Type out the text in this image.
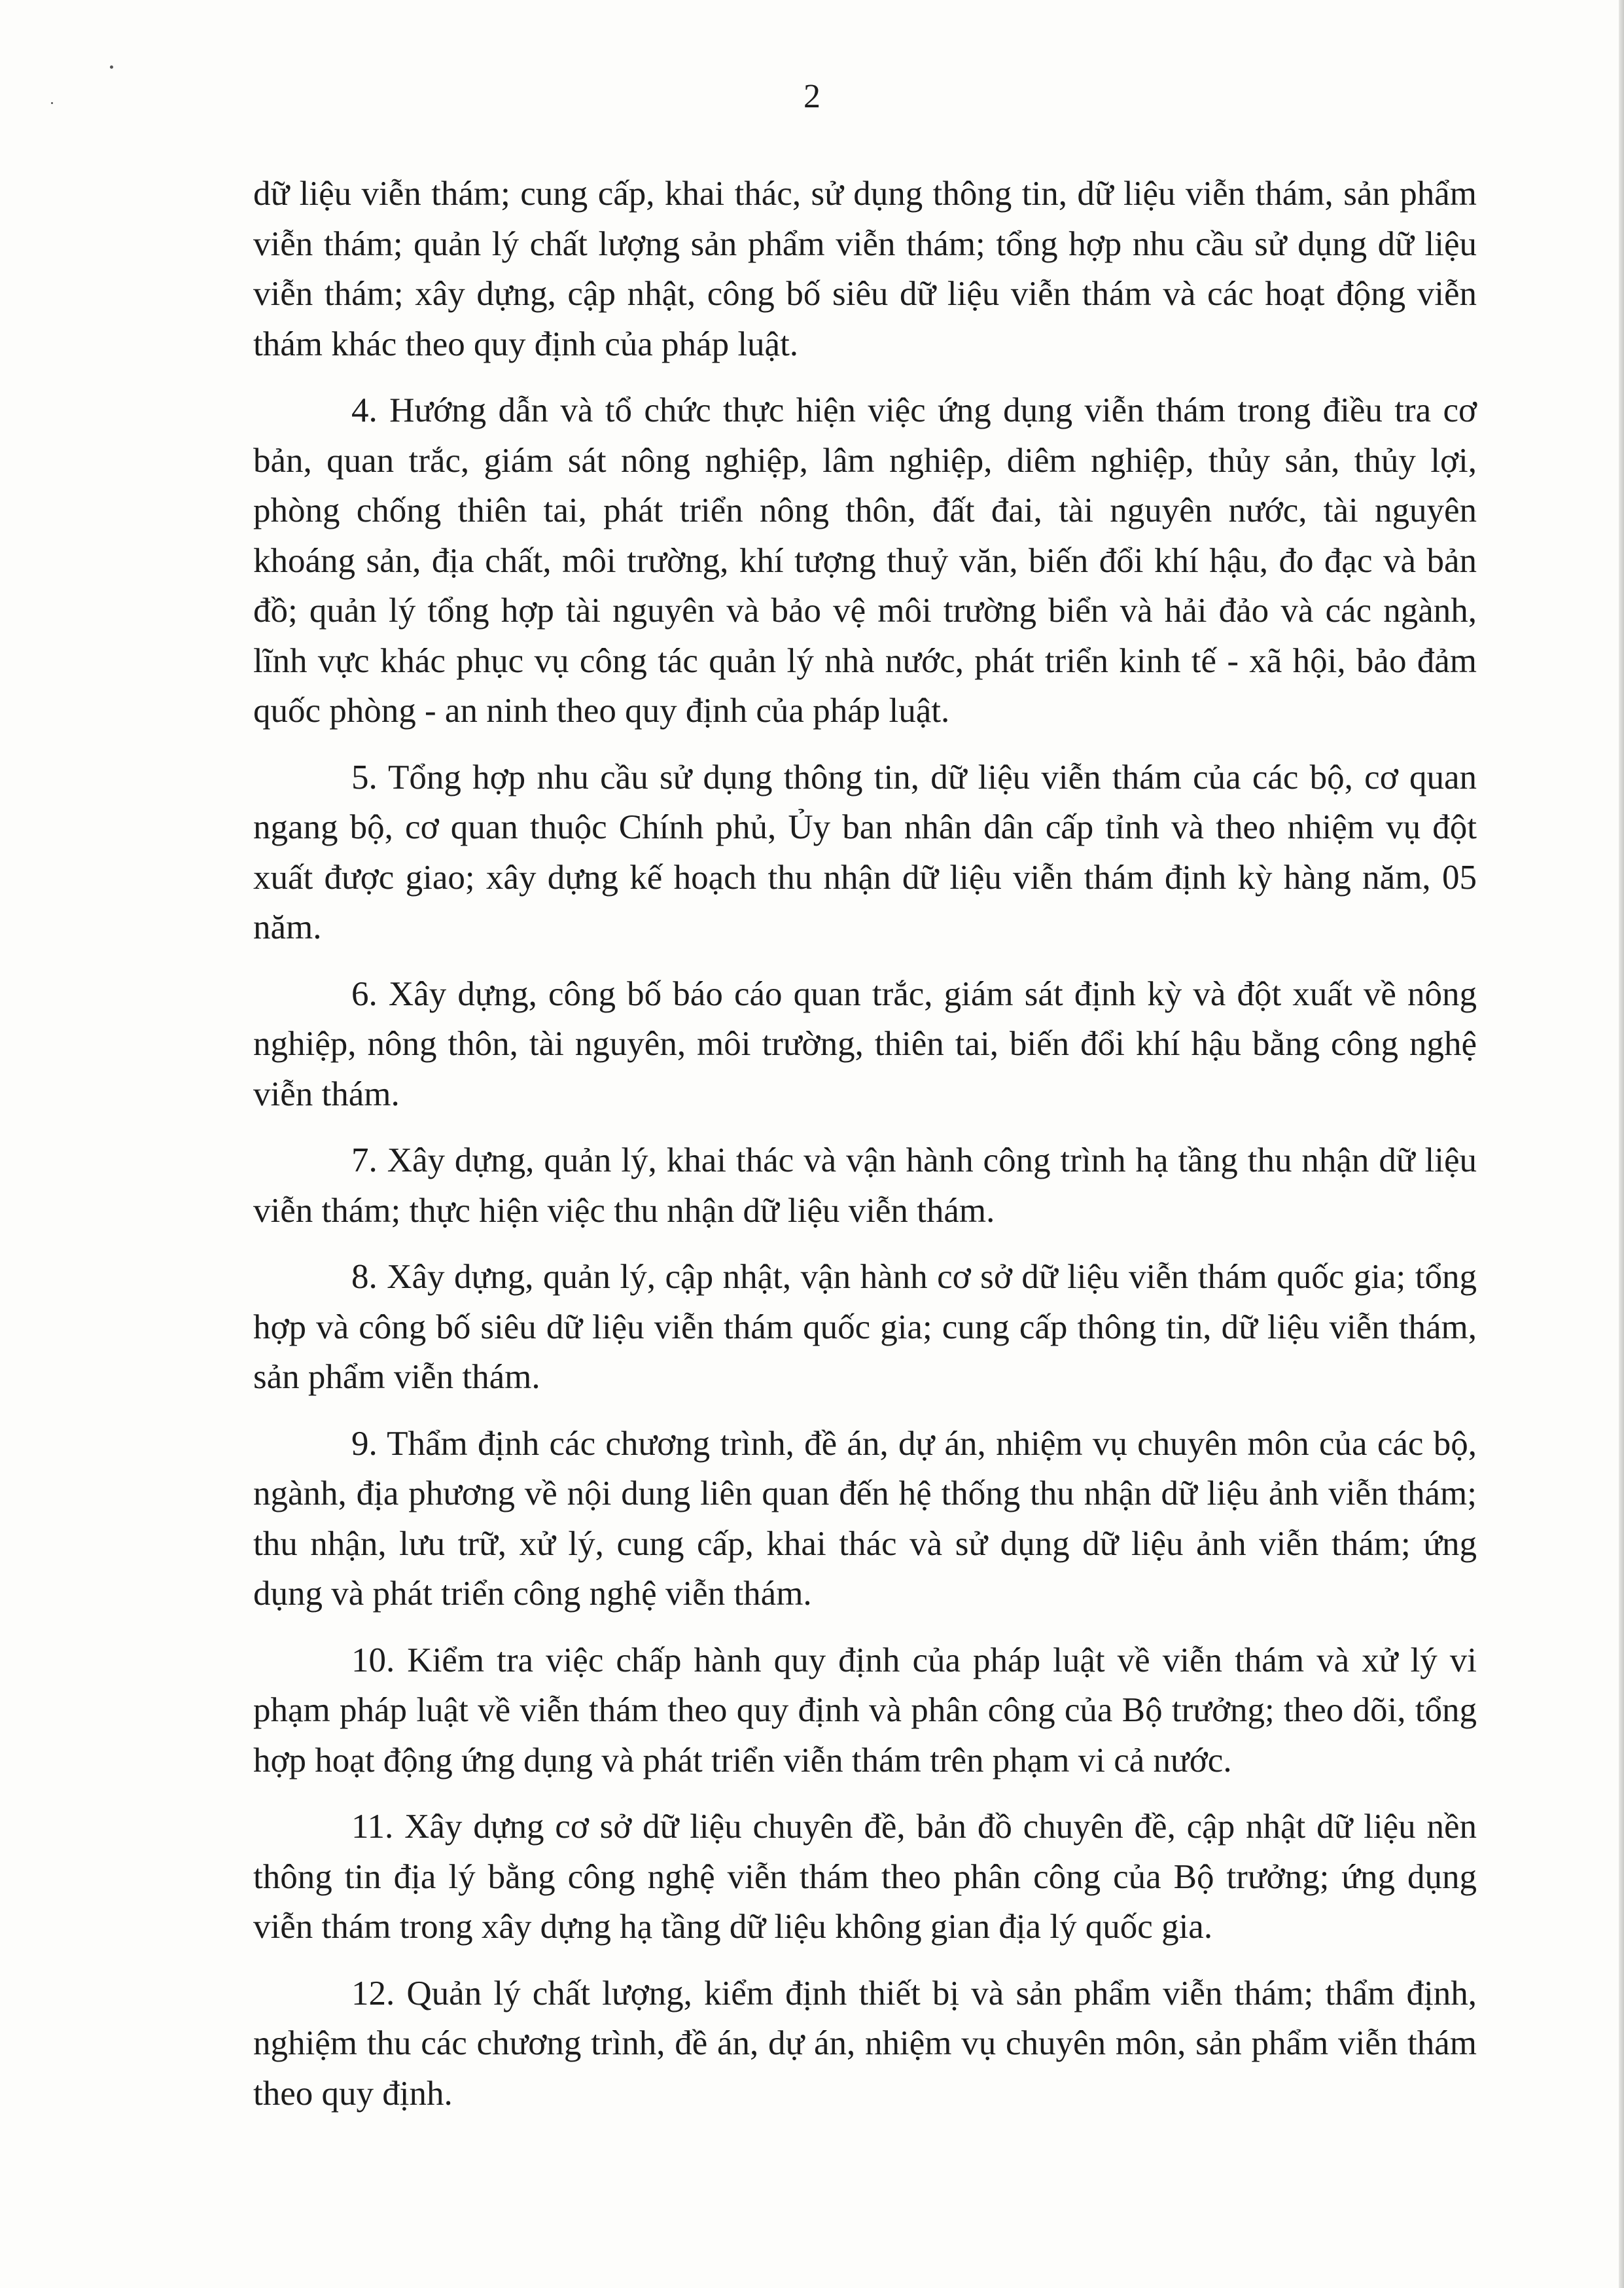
2

dữ liệu viễn thám; cung cấp, khai thác, sử dụng thông tin, dữ liệu viễn thám, sản phẩm viễn thám; quản lý chất lượng sản phẩm viễn thám; tổng hợp nhu cầu sử dụng dữ liệu viễn thám; xây dựng, cập nhật, công bố siêu dữ liệu viễn thám và các hoạt động viễn thám khác theo quy định của pháp luật.

4. Hướng dẫn và tổ chức thực hiện việc ứng dụng viễn thám trong điều tra cơ bản, quan trắc, giám sát nông nghiệp, lâm nghiệp, diêm nghiệp, thủy sản, thủy lợi, phòng chống thiên tai, phát triển nông thôn, đất đai, tài nguyên nước, tài nguyên khoáng sản, địa chất, môi trường, khí tượng thuỷ văn, biến đổi khí hậu, đo đạc và bản đồ; quản lý tổng hợp tài nguyên và bảo vệ môi trường biển và hải đảo và các ngành, lĩnh vực khác phục vụ công tác quản lý nhà nước, phát triển kinh tế - xã hội, bảo đảm quốc phòng - an ninh theo quy định của pháp luật.

5. Tổng hợp nhu cầu sử dụng thông tin, dữ liệu viễn thám của các bộ, cơ quan ngang bộ, cơ quan thuộc Chính phủ, Ủy ban nhân dân cấp tỉnh và theo nhiệm vụ đột xuất được giao; xây dựng kế hoạch thu nhận dữ liệu viễn thám định kỳ hàng năm, 05 năm.

6. Xây dựng, công bố báo cáo quan trắc, giám sát định kỳ và đột xuất về nông nghiệp, nông thôn, tài nguyên, môi trường, thiên tai, biến đổi khí hậu bằng công nghệ viễn thám.

7. Xây dựng, quản lý, khai thác và vận hành công trình hạ tầng thu nhận dữ liệu viễn thám; thực hiện việc thu nhận dữ liệu viễn thám.

8. Xây dựng, quản lý, cập nhật, vận hành cơ sở dữ liệu viễn thám quốc gia; tổng hợp và công bố siêu dữ liệu viễn thám quốc gia; cung cấp thông tin, dữ liệu viễn thám, sản phẩm viễn thám.

9. Thẩm định các chương trình, đề án, dự án, nhiệm vụ chuyên môn của các bộ, ngành, địa phương về nội dung liên quan đến hệ thống thu nhận dữ liệu ảnh viễn thám; thu nhận, lưu trữ, xử lý, cung cấp, khai thác và sử dụng dữ liệu ảnh viễn thám; ứng dụng và phát triển công nghệ viễn thám.

10. Kiểm tra việc chấp hành quy định của pháp luật về viễn thám và xử lý vi phạm pháp luật về viễn thám theo quy định và phân công của Bộ trưởng; theo dõi, tổng hợp hoạt động ứng dụng và phát triển viễn thám trên phạm vi cả nước.

11. Xây dựng cơ sở dữ liệu chuyên đề, bản đồ chuyên đề, cập nhật dữ liệu nền thông tin địa lý bằng công nghệ viễn thám theo phân công của Bộ trưởng; ứng dụng viễn thám trong xây dựng hạ tầng dữ liệu không gian địa lý quốc gia.

12. Quản lý chất lượng, kiểm định thiết bị và sản phẩm viễn thám; thẩm định, nghiệm thu các chương trình, đề án, dự án, nhiệm vụ chuyên môn, sản phẩm viễn thám theo quy định.
